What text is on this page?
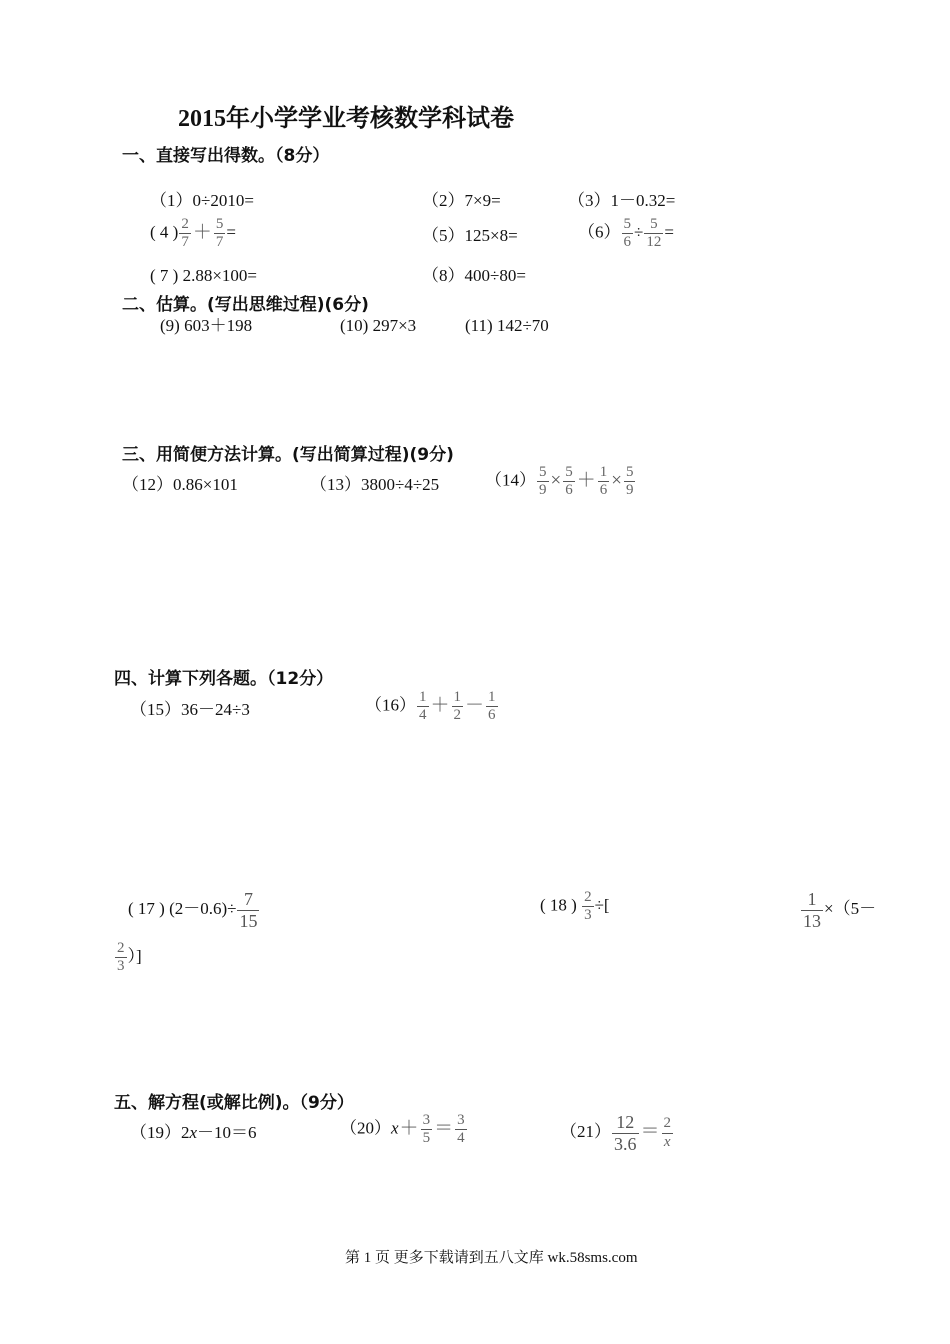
2015年小学学业考核数学科试卷
一、直接写出得数。（8分）
（1）0÷2010=	（2）7×9=	（3）1－0.32=
( 4 ) $\frac{2}{7} + \frac{5}{7}$ =	（5）125×8=	$(6) \frac{5}{6} \div \frac{5}{12}$ =
( 7 ) 2.88×100=	（8）400÷80=
二、估算。(写出思维过程)(6分)
(9) 603＋198	(10) 297×3	(11) 142÷70
三、用简便方法计算。(写出简算过程)(9分)
（12）0.86×101	（13）3800÷4÷25	$(14) \frac{5}{9} \times \frac{5}{6} + \frac{1}{6} \times \frac{5}{9}$
四、计算下列各题。（12分）
（15）36－24÷3	$(16) \frac{1}{4} + \frac{1}{2} - \frac{1}{6}$
( 17 ) $(2-0.6)\div \frac{7}{15}$	( 18 ) $\frac{2}{3}$ ÷[	$\frac{1}{13} \times(5-$
$\frac{2}{3}$ ）]
五、解方程(或解比例)。（9分）
（19）2x－10＝6	$(20)x+ \frac{3}{5} = \frac{3}{4}$	$(21) \frac{12}{3.6} = \frac{2}{x}$
第 1 页 更多下载请到五八文库 wk.58sms.com
